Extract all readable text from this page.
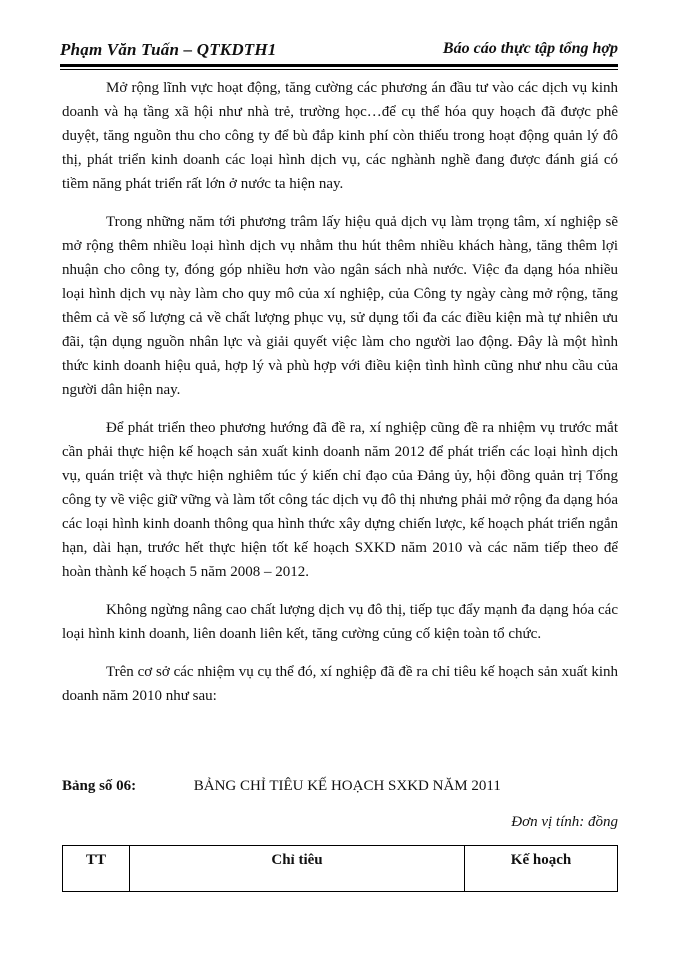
Phạm Văn Tuấn – QTKDTH1	Báo cáo thực tập tổng hợp

Mở rộng lĩnh vực hoạt động, tăng cường các phương án đầu tư vào các dịch vụ kinh doanh và hạ tầng xã hội như nhà trẻ, trường học…để cụ thể hóa quy hoạch đã được phê duyệt, tăng nguồn thu cho công ty để bù đắp kinh phí còn thiếu trong hoạt động quản lý đô thị, phát triển kinh doanh các loại hình dịch vụ, các nghành nghề đang được đánh giá có tiềm năng phát triển rất lớn ở nước ta hiện nay.

Trong những năm tới phương trâm lấy hiệu quả dịch vụ làm trọng tâm, xí nghiệp sẽ mở rộng thêm nhiều loại hình dịch vụ nhằm thu hút thêm nhiều khách hàng, tăng thêm lợi nhuận cho công ty, đóng góp nhiều hơn vào ngân sách nhà nước. Việc đa dạng hóa nhiều loại hình dịch vụ này làm cho quy mô của xí nghiệp, của Công ty ngày càng mở rộng, tăng thêm cả về số lượng cả về chất lượng phục vụ, sử dụng tối đa các điều kiện mà tự nhiên ưu đãi, tận dụng nguồn nhân lực và giải quyết việc làm cho người lao động. Đây là một hình thức kinh doanh hiệu quả, hợp lý và phù hợp với điều kiện tình hình cũng như nhu cầu của người dân hiện nay.

Để phát triển theo phương hướng đã đề ra, xí nghiệp cũng đề ra nhiệm vụ trước mắt cần phải thực hiện kế hoạch sản xuất kinh doanh năm 2012 để phát triển các loại hình dịch vụ, quán triệt và thực hiện nghiêm túc ý kiến chỉ đạo của Đảng ủy, hội đồng quản trị Tổng công ty về việc giữ vững và làm tốt công tác dịch vụ đô thị nhưng phải mở rộng đa dạng hóa các loại hình kinh doanh thông qua hình thức xây dựng chiến lược, kế hoạch phát triển ngắn hạn, dài hạn, trước hết thực hiện tốt kế hoạch SXKD năm 2010 và các năm tiếp theo để hoàn thành kế hoạch 5 năm 2008 – 2012.

Không ngừng nâng cao chất lượng dịch vụ đô thị, tiếp tục đẩy mạnh đa dạng hóa các loại hình kinh doanh, liên doanh liên kết, tăng cường củng cố kiện toàn tổ chức.

Trên cơ sở các nhiệm vụ cụ thể đó, xí nghiệp đã đề ra chỉ tiêu kế hoạch sản xuất kinh doanh năm 2010 như sau:

Bảng số 06:	BẢNG CHỈ TIÊU KẾ HOẠCH SXKD NĂM 2011
Đơn vị tính: đồng
TT	Chỉ tiêu	Kế hoạch
